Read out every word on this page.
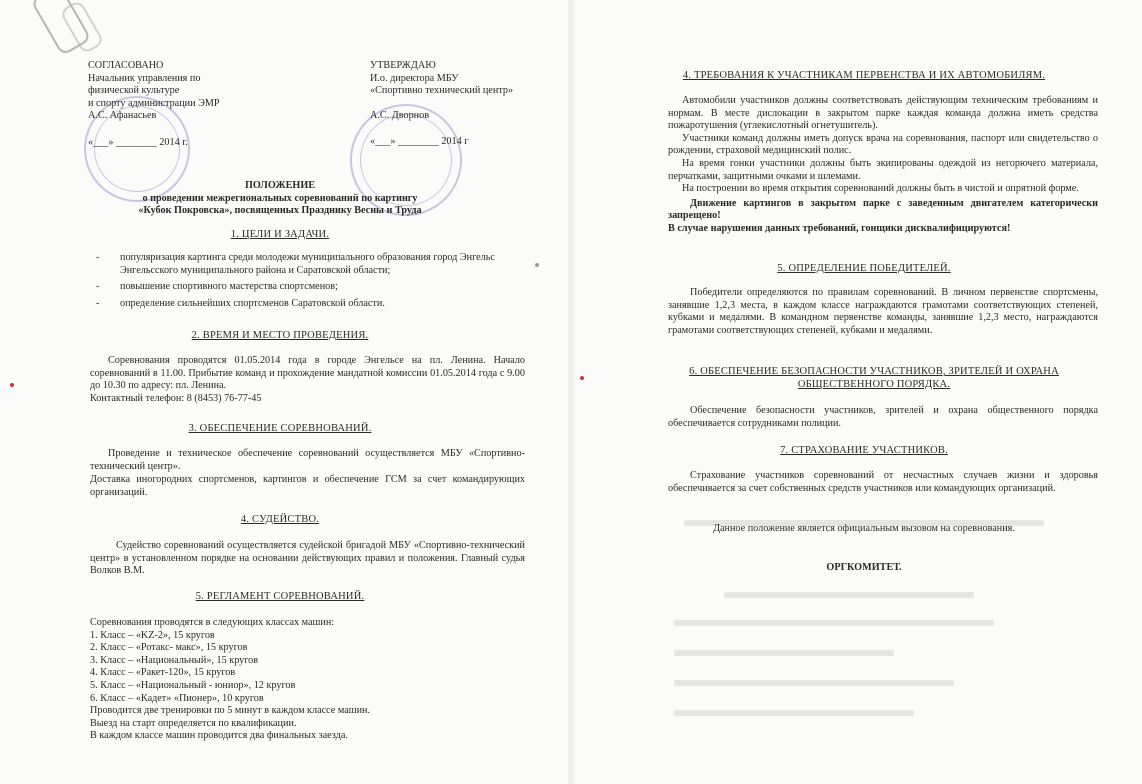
СОГЛАСОВАНО
Начальник управления по
физической культуре
и спорту администрации ЭМР
А.С. Афанасьев
«___» ________ 2014 г.
УТВЕРЖДАЮ
И.о. директора МБУ
«Спортивно технический центр»
А.С. Дворнов
«___» ________ 2014 г
ПОЛОЖЕНИЕ
о проведении межрегиональных соревнований по картингу
«Кубок Покровска», посвященных Празднику Весны и Труда
1. ЦЕЛИ И ЗАДАЧИ.
- популяризация картинга среди молодежи муниципального образования город Энгельс Энгельсского муниципального района и Саратовской области;
- повышение спортивного мастерства спортсменов;
- определение сильнейших спортсменов Саратовской области.
2. ВРЕМЯ И МЕСТО ПРОВЕДЕНИЯ.
Соревнования проводятся 01.05.2014 года в городе Энгельсе на пл. Ленина. Начало соревнований в 11.00. Прибытие команд и прохождение мандатной комиссии 01.05.2014 года с 9.00 до 10.30 по адресу: пл. Ленина.
Контактный телефон: 8 (8453) 76-77-45
3. ОБЕСПЕЧЕНИЕ СОРЕВНОВАНИЙ.
Проведение и техническое обеспечение соревнований осуществляется МБУ «Спортивно-технический центр».
Доставка иногородних спортсменов, картингов и обеспечение ГСМ за счет командирующих организаций.
4. СУДЕЙСТВО.
Судейство соревнований осуществляется судейской бригадой МБУ «Спортивно-технический центр» в установленном порядке на основании действующих правил и положения. Главный судья Волков В.М.
5. РЕГЛАМЕНТ СОРЕВНОВАНИЙ.
Соревнования проводятся в следующих классах машин:
1. Класс – «KZ-2», 15 кругов
2. Класс – «Ротакс- макс», 15 кругов
3. Класс – «Национальный», 15 кругов
4. Класс – «Ракет-120», 15 кругов
5. Класс – «Национальный - юниор», 12 кругов
6. Класс – «Кадет» «Пионер», 10 кругов
Проводится две тренировки по 5 минут в каждом классе машин.
Выезд на старт определяется по квалификации.
В каждом классе машин проводится два финальных заезда.
4. ТРЕБОВАНИЯ К УЧАСТНИКАМ ПЕРВЕНСТВА И ИХ АВТОМОБИЛЯМ.
Автомобили участников должны соответствовать действующим техническим требованиям и нормам. В месте дислокации в закрытом парке каждая команда должна иметь средства пожаротушения (углекислотный огнетушитель).
Участники команд должны иметь допуск врача на соревнования, паспорт или свидетельство о рождении, страховой медицинский полис.
На время гонки участники должны быть экипированы одеждой из негорючего материала, перчатками, защитными очками и шлемами.
На построении во время открытия соревнований должны быть в чистой и опрятной форме.
Движение картингов в закрытом парке с заведенным двигателем категорически запрещено!
В случае нарушения данных требований, гонщики дисквалифицируются!
5. ОПРЕДЕЛЕНИЕ ПОБЕДИТЕЛЕЙ.
Победители определяются по правилам соревнований. В личном первенстве спортсмены, занявшие 1,2,3 места, в каждом классе награждаются грамотами соответствующих степеней, кубками и медалями. В командном первенстве команды, занявшие 1,2,3 место, награждаются грамотами соответствующих степеней, кубками и медалями.
6. ОБЕСПЕЧЕНИЕ БЕЗОПАСНОСТИ УЧАСТНИКОВ, ЗРИТЕЛЕЙ И ОХРАНА
ОБЩЕСТВЕННОГО ПОРЯДКА.
Обеспечение безопасности участников, зрителей и охрана общественного порядка обеспечивается сотрудниками полиции.
7. СТРАХОВАНИЕ УЧАСТНИКОВ.
Страхование участников соревнований от несчастных случаев жизни и здоровья обеспечивается за счет собственных средств участников или командующих организаций.
Данное положение является официальным вызовом на соревнования.
ОРГКОМИТЕТ.
